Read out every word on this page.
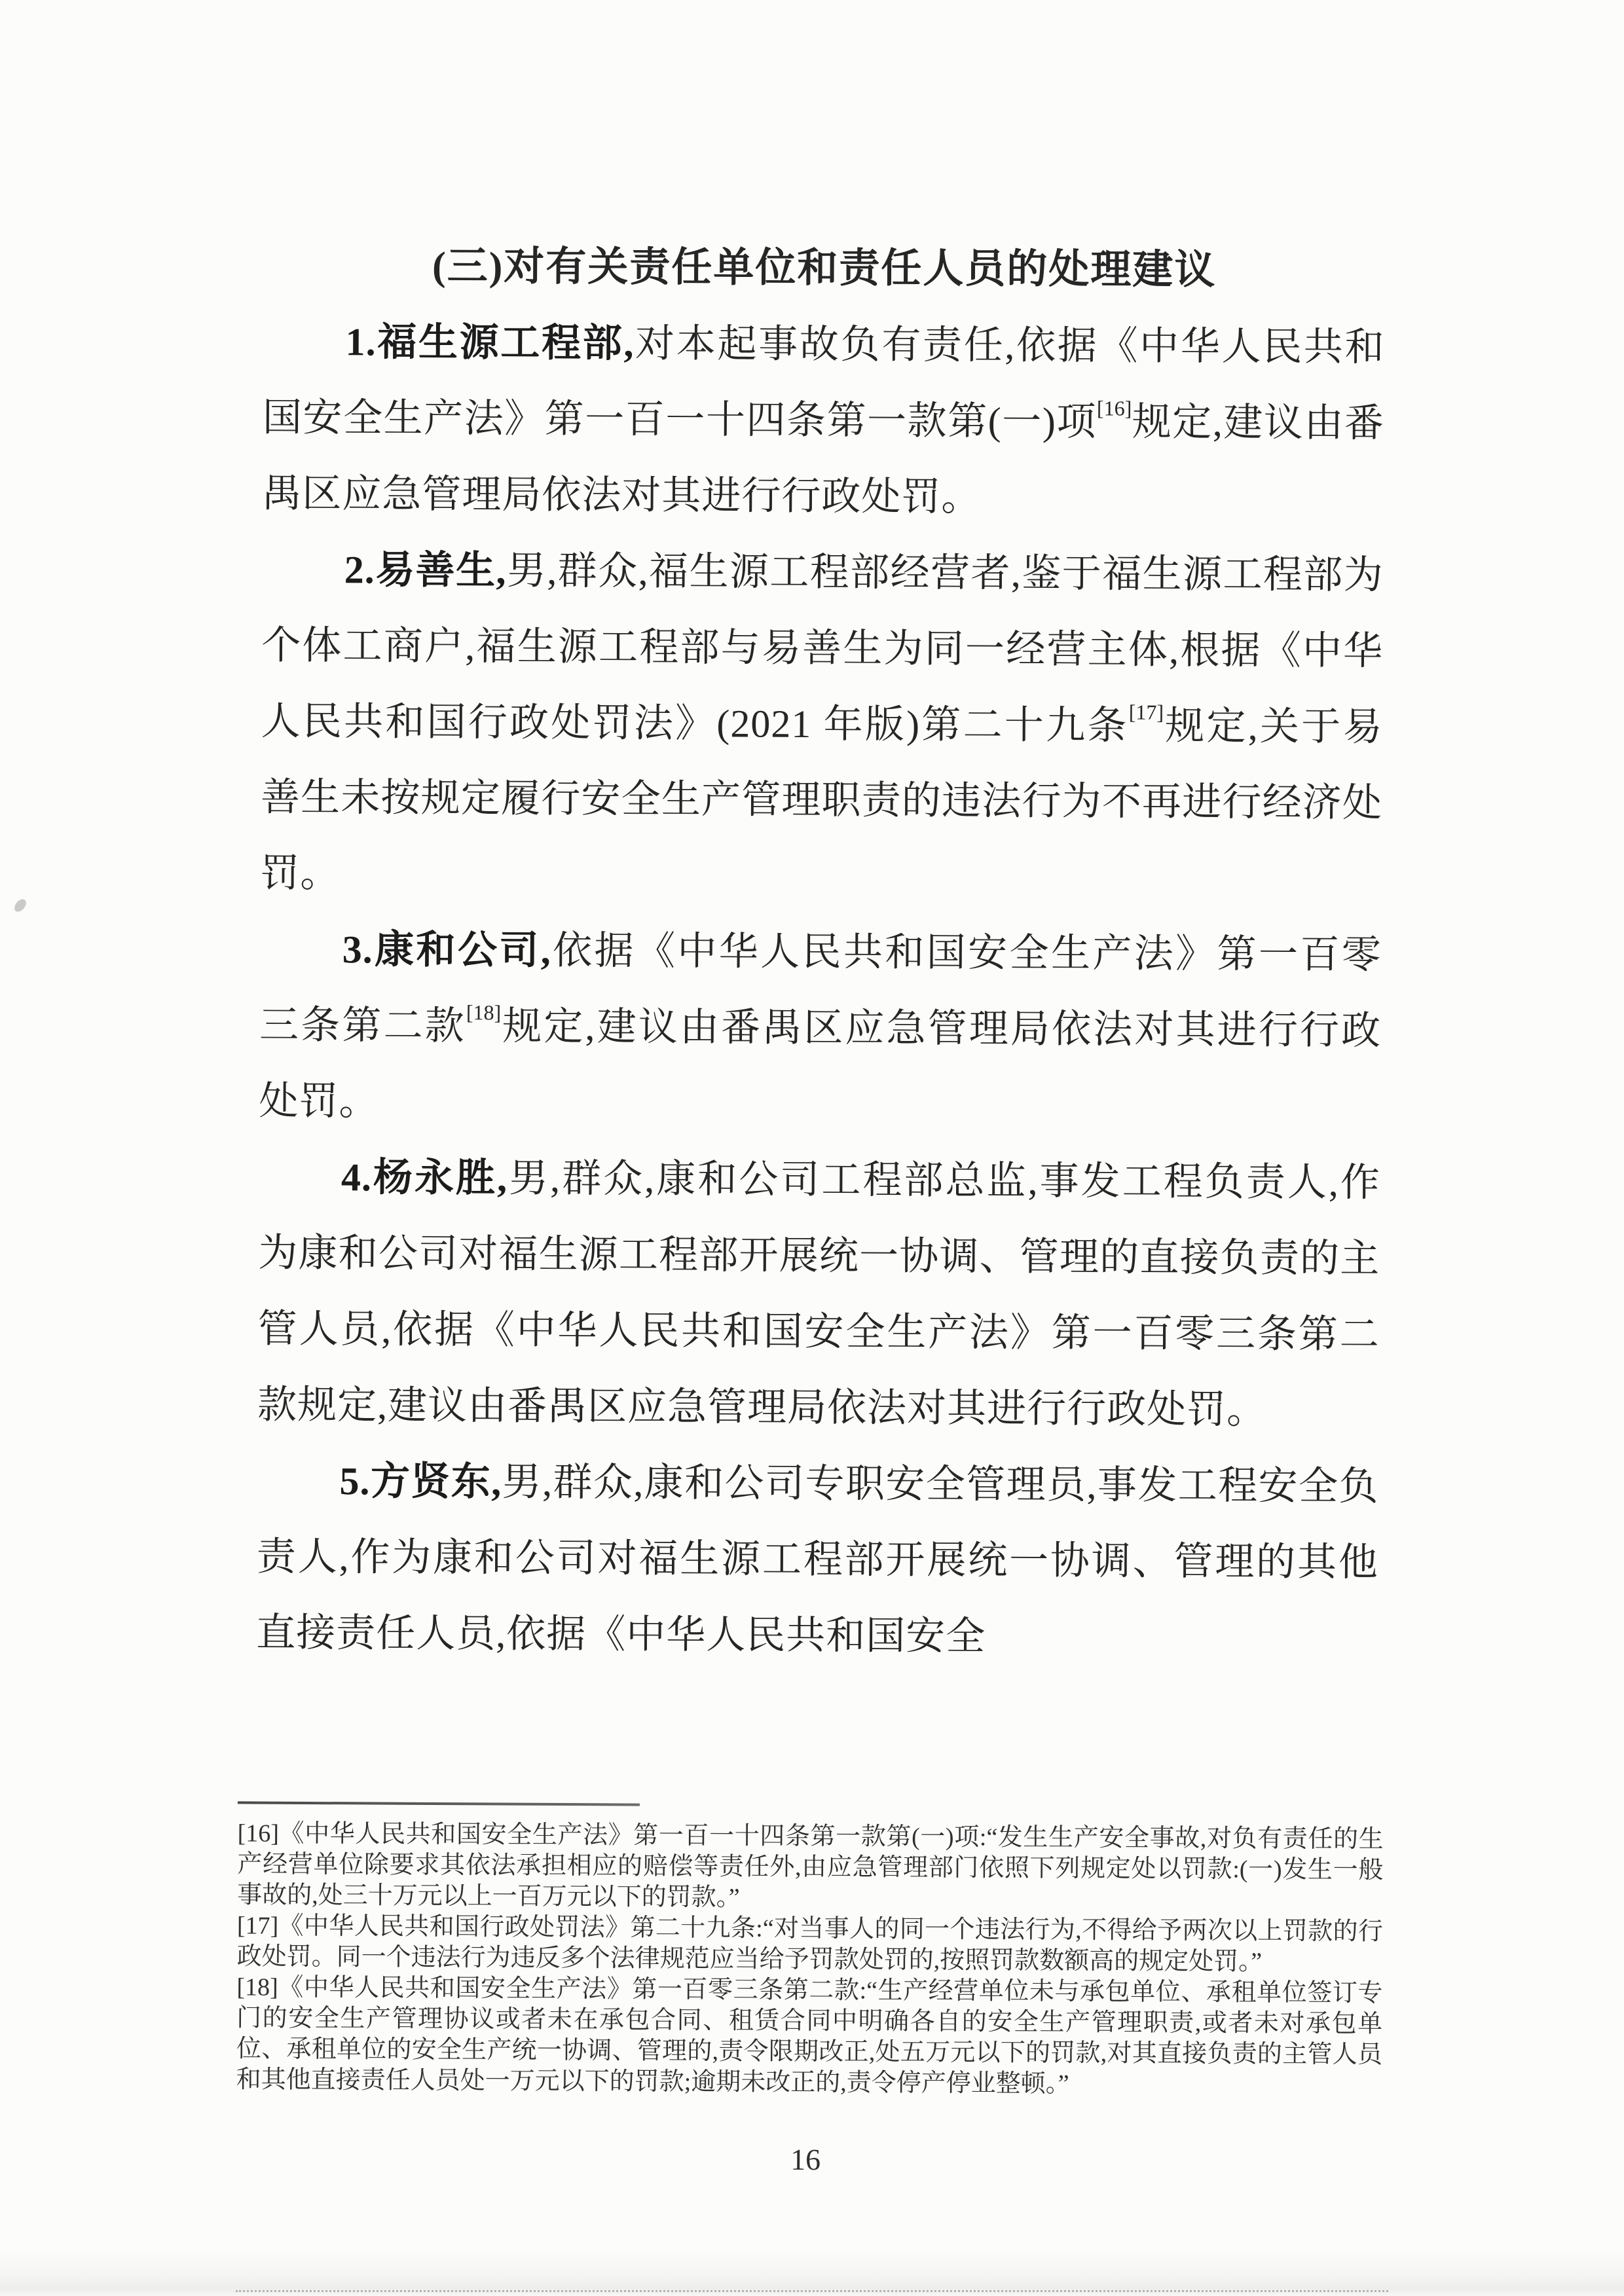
(三)对有关责任单位和责任人员的处理建议

1.福生源工程部,对本起事故负有责任,依据《中华人民共和国安全生产法》第一百一十四条第一款第(一)项[16]规定,建议由番禺区应急管理局依法对其进行行政处罚。

2.易善生,男,群众,福生源工程部经营者,鉴于福生源工程部为个体工商户,福生源工程部与易善生为同一经营主体,根据《中华人民共和国行政处罚法》(2021 年版)第二十九条[17]规定,关于易善生未按规定履行安全生产管理职责的违法行为不再进行经济处罚。

3.康和公司,依据《中华人民共和国安全生产法》第一百零三条第二款[18]规定,建议由番禺区应急管理局依法对其进行行政处罚。

4.杨永胜,男,群众,康和公司工程部总监,事发工程负责人,作为康和公司对福生源工程部开展统一协调、管理的直接负责的主管人员,依据《中华人民共和国安全生产法》第一百零三条第二款规定,建议由番禺区应急管理局依法对其进行行政处罚。

5.方贤东,男,群众,康和公司专职安全管理员,事发工程安全负责人,作为康和公司对福生源工程部开展统一协调、管理的其他直接责任人员,依据《中华人民共和国安全

[16]《中华人民共和国安全生产法》第一百一十四条第一款第(一)项:“发生生产安全事故,对负有责任的生产经营单位除要求其依法承担相应的赔偿等责任外,由应急管理部门依照下列规定处以罚款:(一)发生一般事故的,处三十万元以上一百万元以下的罚款。”

[17]《中华人民共和国行政处罚法》第二十九条:“对当事人的同一个违法行为,不得给予两次以上罚款的行政处罚。同一个违法行为违反多个法律规范应当给予罚款处罚的,按照罚款数额高的规定处罚。”

[18]《中华人民共和国安全生产法》第一百零三条第二款:“生产经营单位未与承包单位、承租单位签订专门的安全生产管理协议或者未在承包合同、租赁合同中明确各自的安全生产管理职责,或者未对承包单位、承租单位的安全生产统一协调、管理的,责令限期改正,处五万元以下的罚款,对其直接负责的主管人员和其他直接责任人员处一万元以下的罚款;逾期未改正的,责令停产停业整顿。”

16
